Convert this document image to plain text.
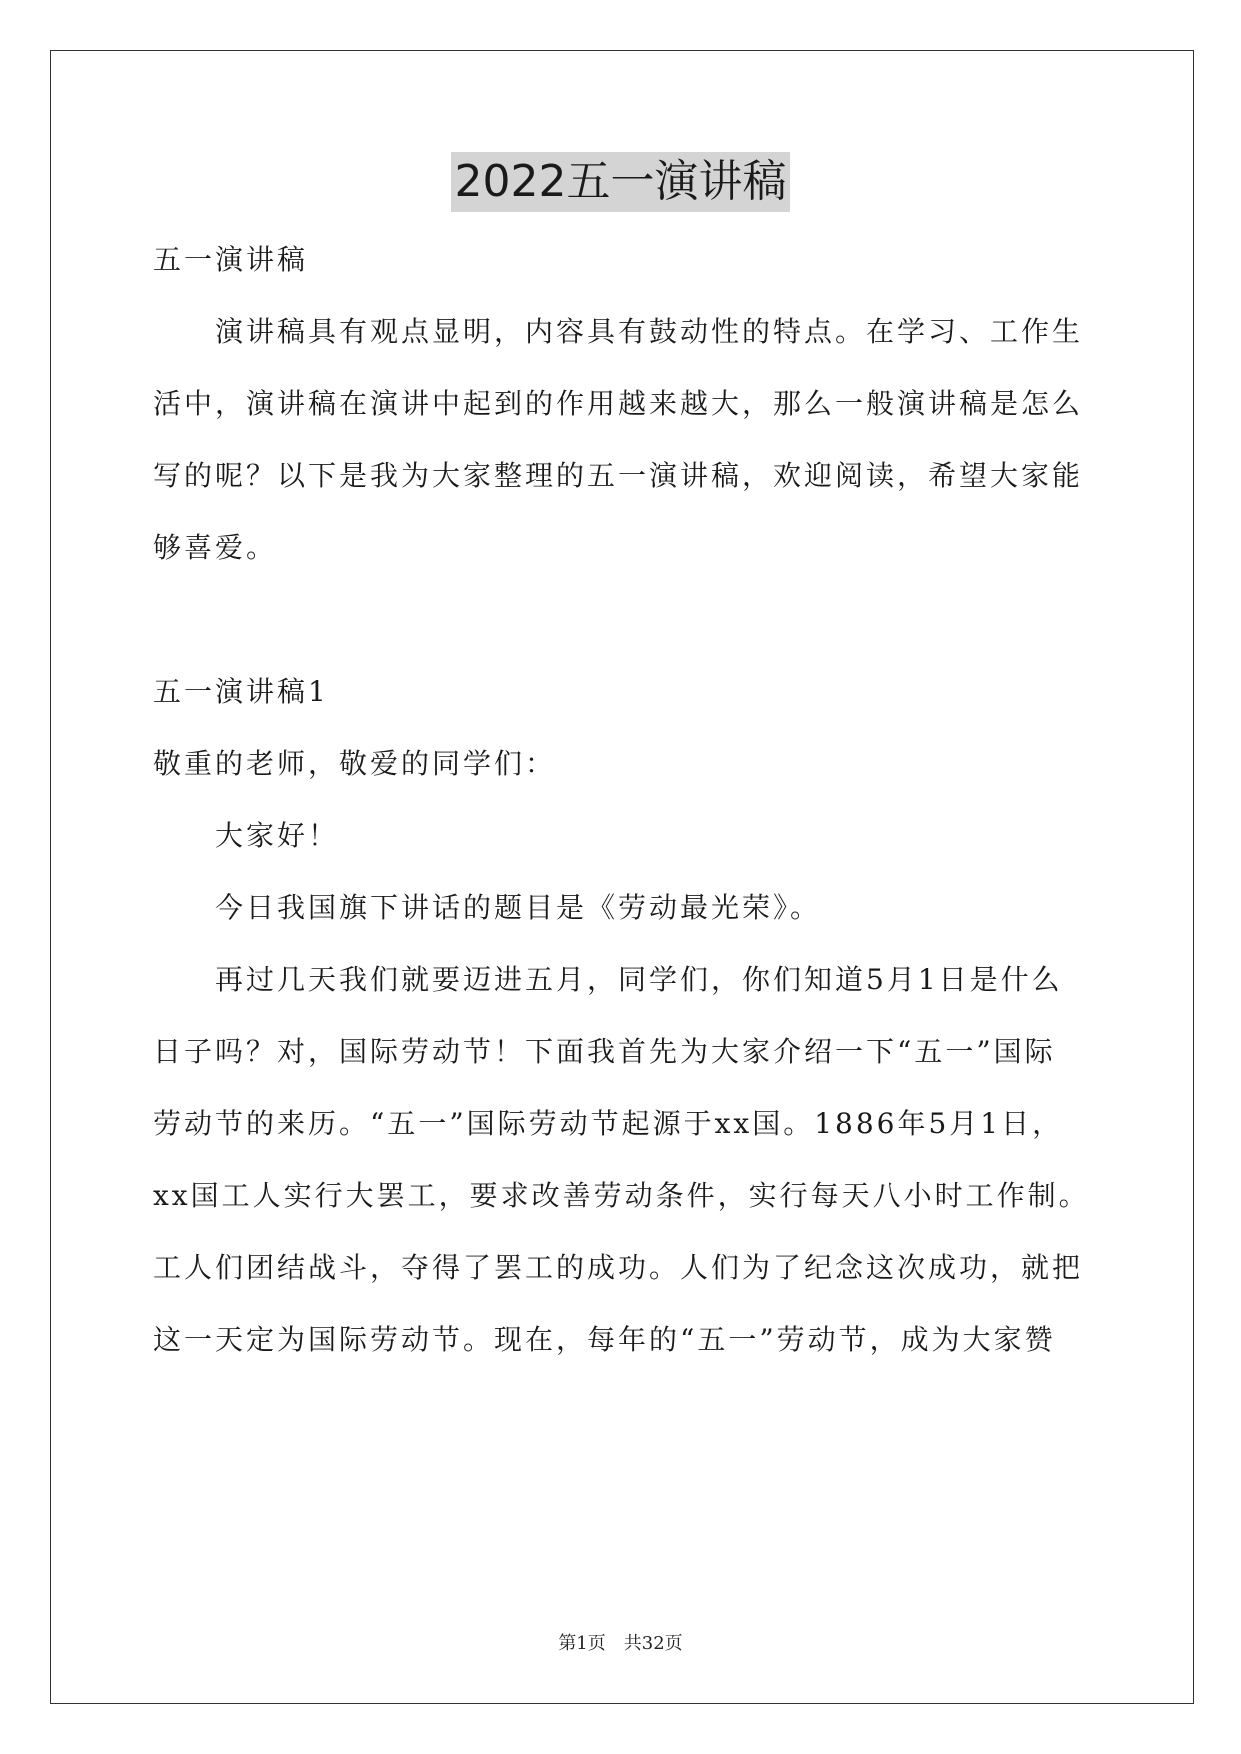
2022五一演讲稿
五一演讲稿
演讲稿具有观点显明，内容具有鼓动性的特点。在学习、工作生
活中，演讲稿在演讲中起到的作用越来越大，那么一般演讲稿是怎么
写的呢？以下是我为大家整理的五一演讲稿，欢迎阅读，希望大家能
够喜爱。
五一演讲稿1
敬重的老师，敬爱的同学们：
大家好！
今日我国旗下讲话的题目是《劳动最光荣》。
再过几天我们就要迈进五月，同学们，你们知道5月1日是什么
日子吗？对，国际劳动节！下面我首先为大家介绍一下“五一”国际
劳动节的来历。“五一”国际劳动节起源于xx国。1886年5月1日，
xx国工人实行大罢工，要求改善劳动条件，实行每天八小时工作制。
工人们团结战斗，夺得了罢工的成功。人们为了纪念这次成功，就把
这一天定为国际劳动节。现在，每年的“五一”劳动节，成为大家赞
第1页 共32页
